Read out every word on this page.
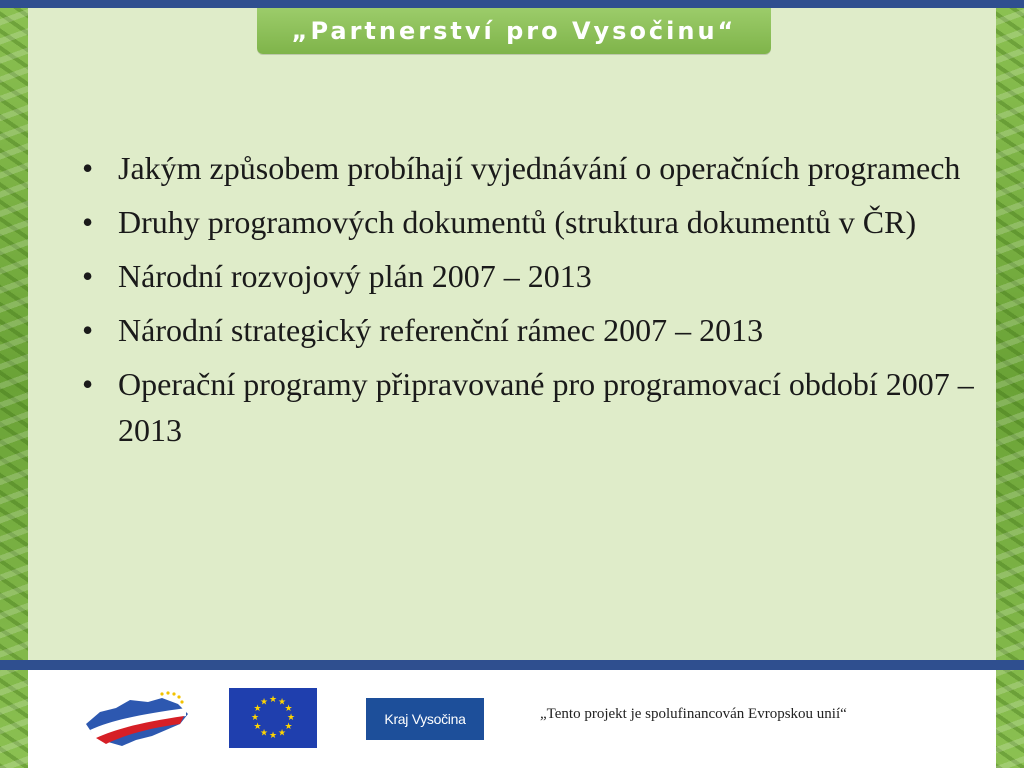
„Partnerství pro Vysočinu“
• Jakým způsobem probíhají vyjednávání o operačních programech
• Druhy programových dokumentů (struktura dokumentů v ČR)
• Národní rozvojový plán 2007 – 2013
• Národní strategický referenční rámec 2007 – 2013
• Operační programy připravované pro programovací období 2007 – 2013
★ ★
★
★
★
★
★
★
★
★
★
★
Kraj Vysočina	„Tento projekt je spolufinancován Evropskou unií“
